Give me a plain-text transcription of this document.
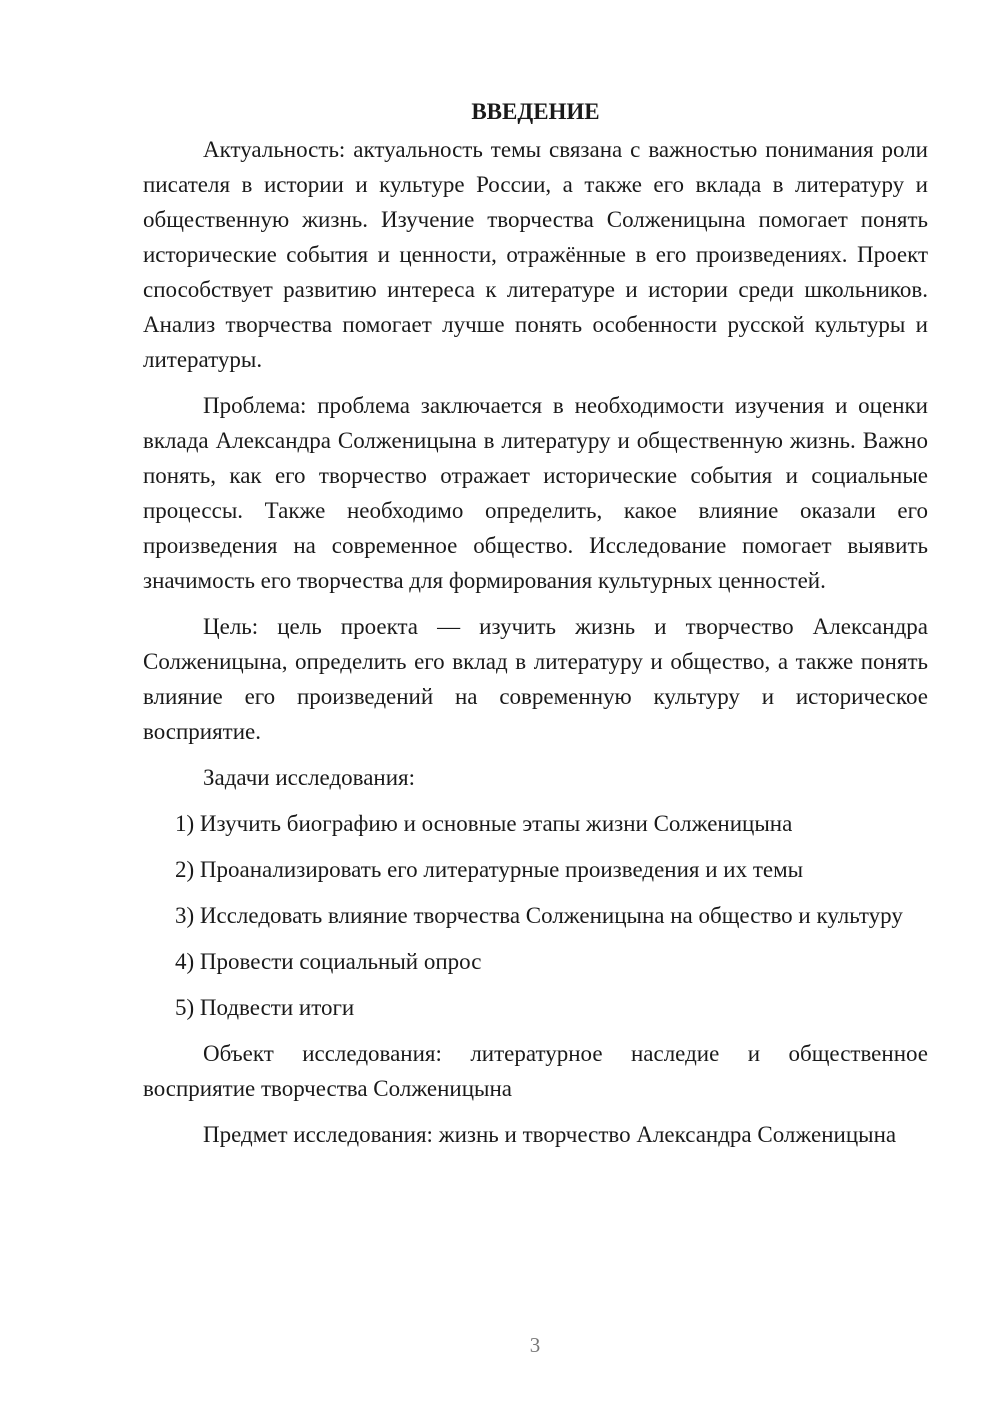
ВВЕДЕНИЕ

Актуальность: актуальность темы связана с важностью понимания роли писателя в истории и культуре России, а также его вклада в литературу и общественную жизнь. Изучение творчества Солженицына помогает понять исторические события и ценности, отражённые в его произведениях. Проект способствует развитию интереса к литературе и истории среди школьников. Анализ творчества помогает лучше понять особенности русской культуры и литературы.

Проблема: проблема заключается в необходимости изучения и оценки вклада Александра Солженицына в литературу и общественную жизнь. Важно понять, как его творчество отражает исторические события и социальные процессы. Также необходимо определить, какое влияние оказали его произведения на современное общество. Исследование помогает выявить значимость его творчества для формирования культурных ценностей.

Цель: цель проекта — изучить жизнь и творчество Александра Солженицына, определить его вклад в литературу и общество, а также понять влияние его произведений на современную культуру и историческое восприятие.

Задачи исследования:

1) Изучить биографию и основные этапы жизни Солженицына

2) Проанализировать его литературные произведения и их темы

3) Исследовать влияние творчества Солженицына на общество и культуру

4) Провести социальный опрос

5) Подвести итоги

Объект исследования: литературное наследие и общественное восприятие творчества Солженицына

Предмет исследования: жизнь и творчество Александра Солженицына

3
